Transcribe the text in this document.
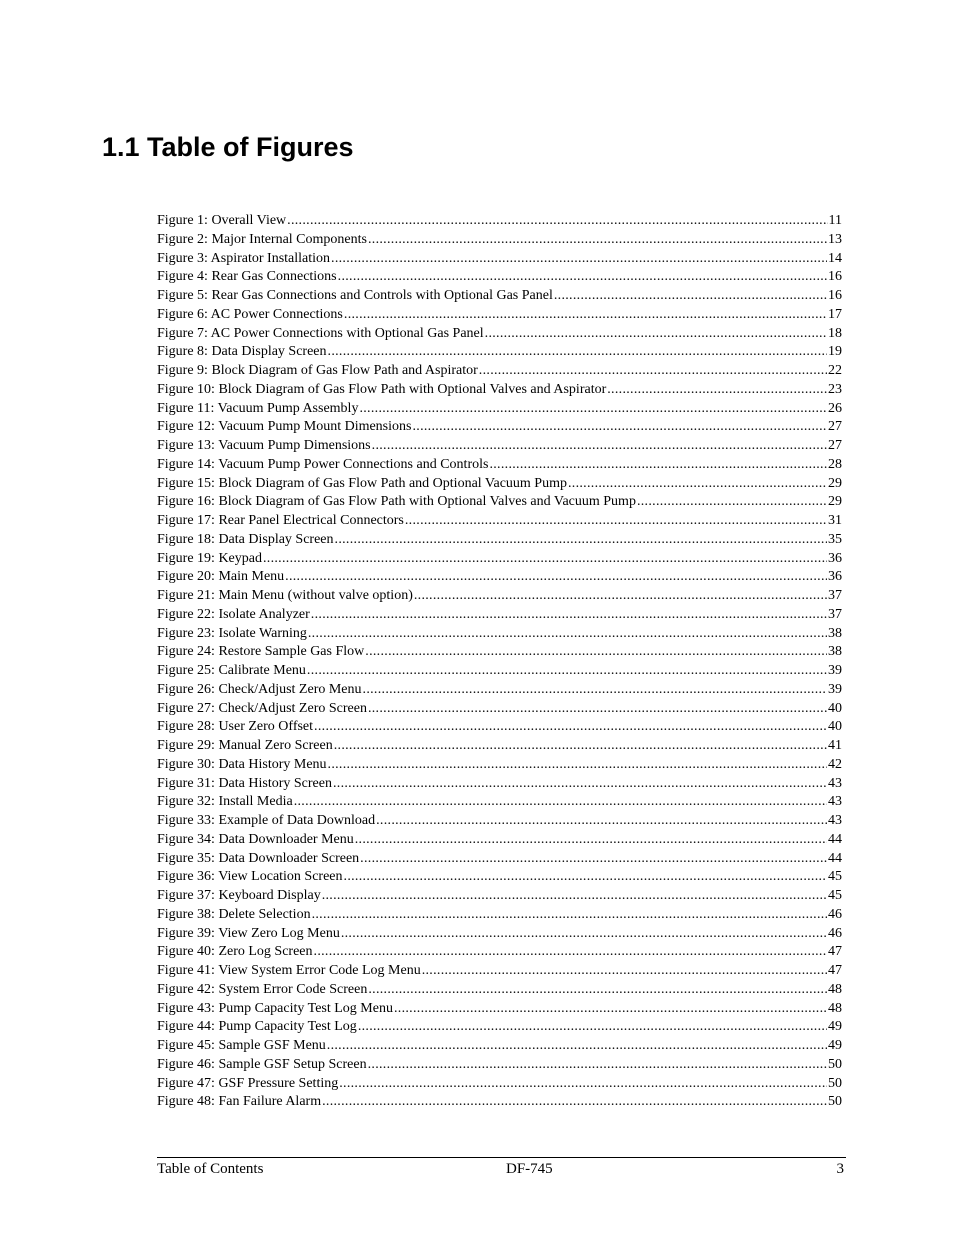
1.1 Table of Figures
Figure 1: Overall View .....	11
Figure 2: Major Internal Components .....	13
Figure 3: Aspirator Installation .....	14
Figure 4: Rear Gas Connections .....	16
Figure 5: Rear Gas Connections and Controls with Optional Gas Panel .....	16
Figure 6: AC Power Connections .....	17
Figure 7: AC Power Connections with Optional Gas Panel .....	18
Figure 8: Data Display Screen .....	19
Figure 9: Block Diagram of Gas Flow Path and Aspirator .....	22
Figure 10: Block Diagram of Gas Flow Path with Optional Valves and Aspirator .....	23
Figure 11: Vacuum Pump Assembly .....	26
Figure 12: Vacuum Pump Mount Dimensions .....	27
Figure 13: Vacuum Pump Dimensions .....	27
Figure 14: Vacuum Pump Power Connections and Controls .....	28
Figure 15: Block Diagram of Gas Flow Path and Optional Vacuum Pump .....	29
Figure 16: Block Diagram of Gas Flow Path with Optional Valves and Vacuum Pump .....	29
Figure 17: Rear Panel Electrical Connectors .....	31
Figure 18: Data Display Screen .....	35
Figure 19: Keypad .....	36
Figure 20: Main Menu .....	36
Figure 21: Main Menu (without valve option) .....	37
Figure 22: Isolate Analyzer .....	37
Figure 23: Isolate Warning .....	38
Figure 24: Restore Sample Gas Flow .....	38
Figure 25: Calibrate Menu .....	39
Figure 26: Check/Adjust Zero Menu .....	39
Figure 27: Check/Adjust Zero Screen .....	40
Figure 28: User Zero Offset .....	40
Figure 29: Manual Zero Screen .....	41
Figure 30: Data History Menu .....	42
Figure 31: Data History Screen .....	43
Figure 32: Install Media .....	43
Figure 33: Example of Data Download .....	43
Figure 34: Data Downloader Menu .....	44
Figure 35: Data Downloader Screen .....	44
Figure 36: View Location Screen .....	45
Figure 37: Keyboard Display .....	45
Figure 38: Delete Selection .....	46
Figure 39: View Zero Log Menu .....	46
Figure 40: Zero Log Screen .....	47
Figure 41: View System Error Code Log Menu .....	47
Figure 42: System Error Code Screen .....	48
Figure 43: Pump Capacity Test Log Menu .....	48
Figure 44: Pump Capacity Test Log .....	49
Figure 45: Sample GSF Menu .....	49
Figure 46: Sample GSF Setup Screen .....	50
Figure 47: GSF Pressure Setting .....	50
Figure 48: Fan Failure Alarm .....	50
Table of Contents	DF-745	3
